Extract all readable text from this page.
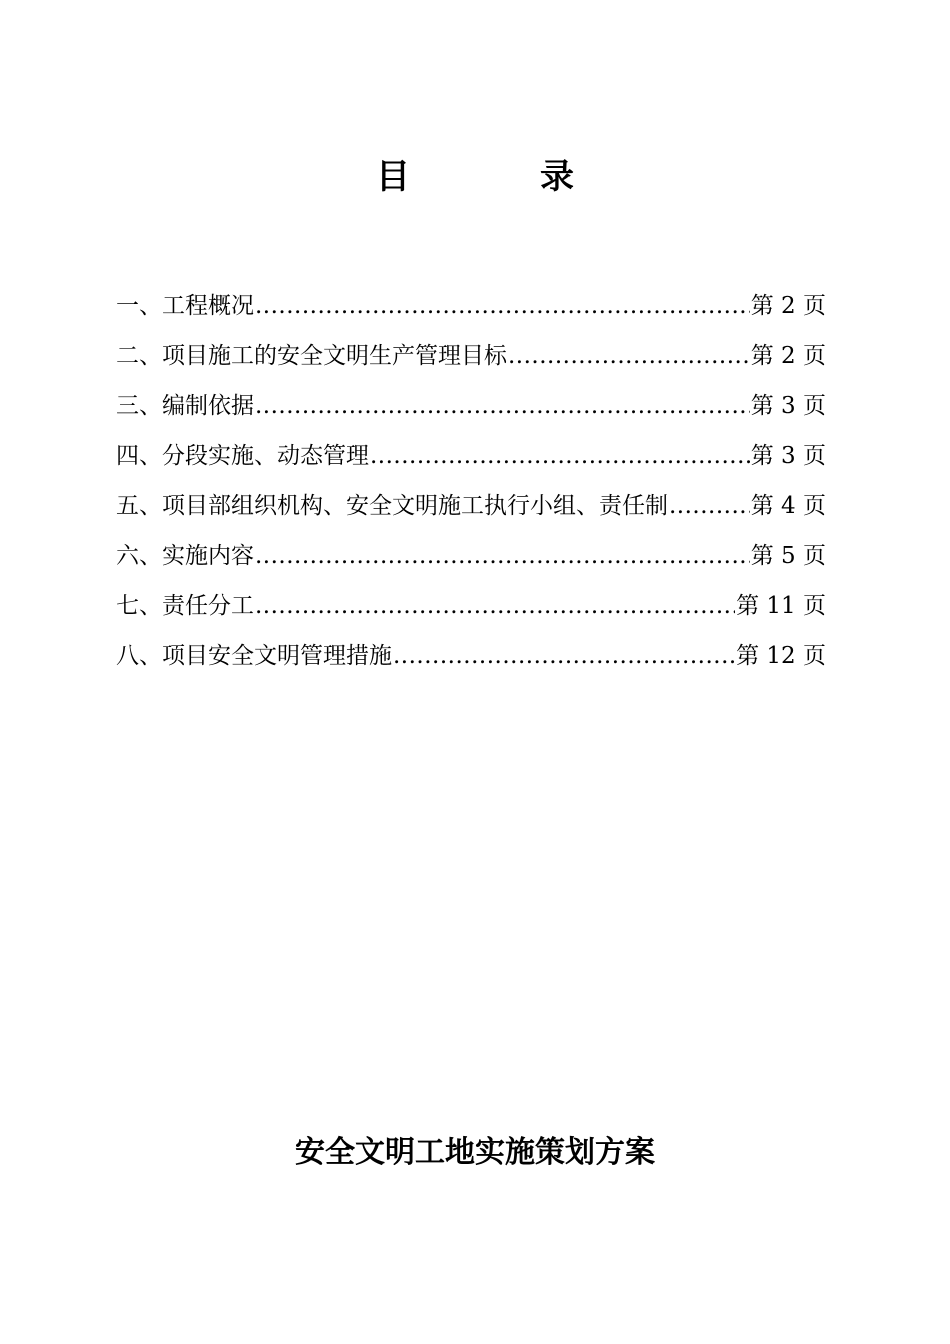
目　录
一、工程概况 .....	第 2 页
二、项目施工的安全文明生产管理目标 .....	第 2 页
三、编制依据 .....	第 3 页
四、分段实施、动态管理 .....	第 3 页
五、项目部组织机构、安全文明施工执行小组、责任制 .....	第 4 页
六、实施内容 .....	第 5 页
七、责任分工 .....	第 11 页
八、项目安全文明管理措施 .....	第 12 页
安全文明工地实施策划方案
